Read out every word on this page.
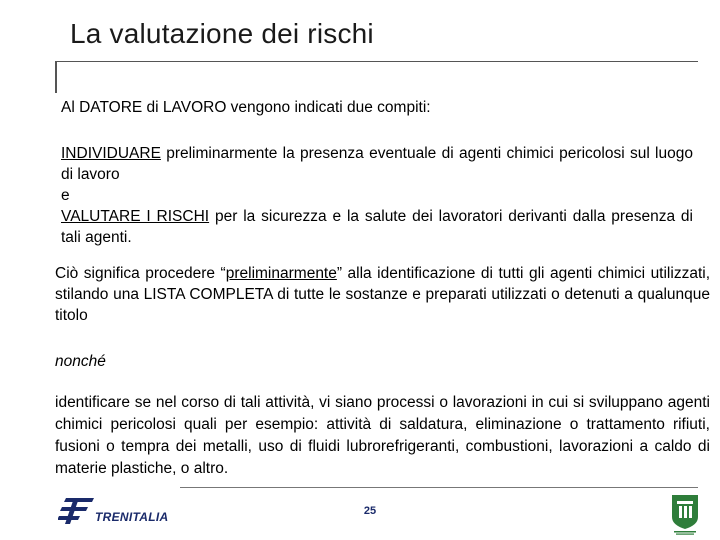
La valutazione dei rischi
Al DATORE di LAVORO vengono indicati due compiti:
INDIVIDUARE preliminarmente la presenza eventuale di agenti chimici pericolosi sul luogo di lavoro
e
VALUTARE I RISCHI per la sicurezza e la salute dei lavoratori derivanti dalla presenza di tali agenti.
Ciò significa procedere “preliminarmente” alla identificazione di tutti gli agenti chimici utilizzati, stilando una LISTA COMPLETA di tutte le sostanze e preparati utilizzati o detenuti a qualunque titolo
nonché
identificare se nel corso di tali attività, vi siano processi o lavorazioni in cui si sviluppano agenti chimici pericolosi quali per esempio: attività di saldatura, eliminazione o trattamento rifiuti, fusioni o tempra dei metalli, uso di fluidi lubrorefrigeranti, combustioni, lavorazioni a caldo di materie plastiche, o altro.
TRENITALIA	25
